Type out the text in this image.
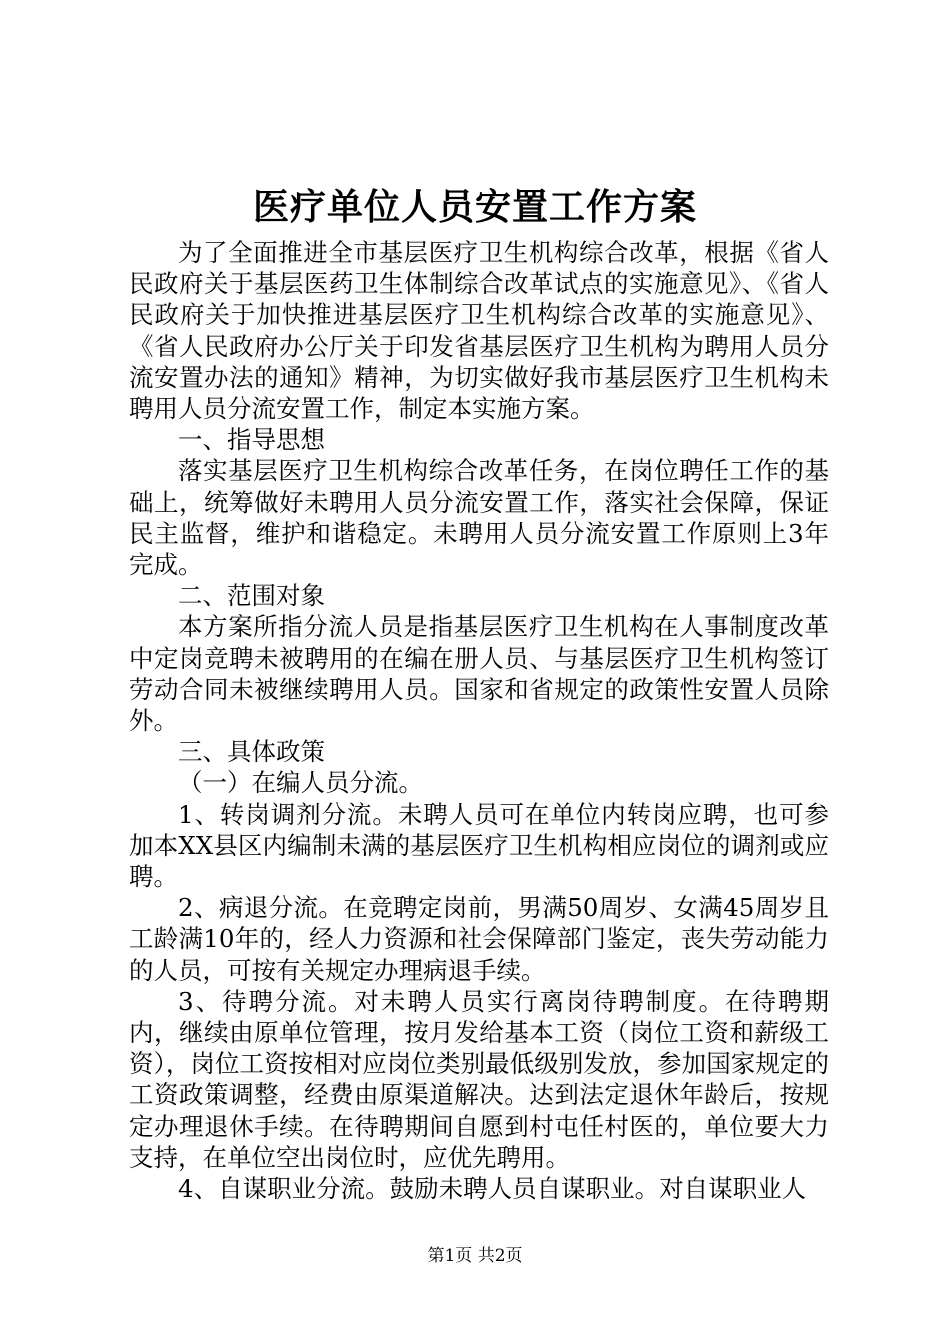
医疗单位人员安置工作方案

为了全面推进全市基层医疗卫生机构综合改革，根据《省人民政府关于基层医药卫生体制综合改革试点的实施意见》、《省人民政府关于加快推进基层医疗卫生机构综合改革的实施意见》、《省人民政府办公厅关于印发省基层医疗卫生机构为聘用人员分流安置办法的通知》精神，为切实做好我市基层医疗卫生机构未聘用人员分流安置工作，制定本实施方案。

一、指导思想

落实基层医疗卫生机构综合改革任务，在岗位聘任工作的基础上，统筹做好未聘用人员分流安置工作，落实社会保障，保证民主监督，维护和谐稳定。未聘用人员分流安置工作原则上3年完成。

二、范围对象

本方案所指分流人员是指基层医疗卫生机构在人事制度改革中定岗竞聘未被聘用的在编在册人员、与基层医疗卫生机构签订劳动合同未被继续聘用人员。国家和省规定的政策性安置人员除外。

三、具体政策

（一）在编人员分流。

1、转岗调剂分流。未聘人员可在单位内转岗应聘，也可参加本XX县区内编制未满的基层医疗卫生机构相应岗位的调剂或应聘。

2、病退分流。在竞聘定岗前，男满50周岁、女满45周岁且工龄满10年的，经人力资源和社会保障部门鉴定，丧失劳动能力的人员，可按有关规定办理病退手续。

3、待聘分流。对未聘人员实行离岗待聘制度。在待聘期内，继续由原单位管理，按月发给基本工资（岗位工资和薪级工资），岗位工资按相对应岗位类别最低级别发放，参加国家规定的工资政策调整，经费由原渠道解决。达到法定退休年龄后，按规定办理退休手续。在待聘期间自愿到村屯任村医的，单位要大力支持，在单位空出岗位时，应优先聘用。

4、自谋职业分流。鼓励未聘人员自谋职业。对自谋职业人

第1页 共2页
